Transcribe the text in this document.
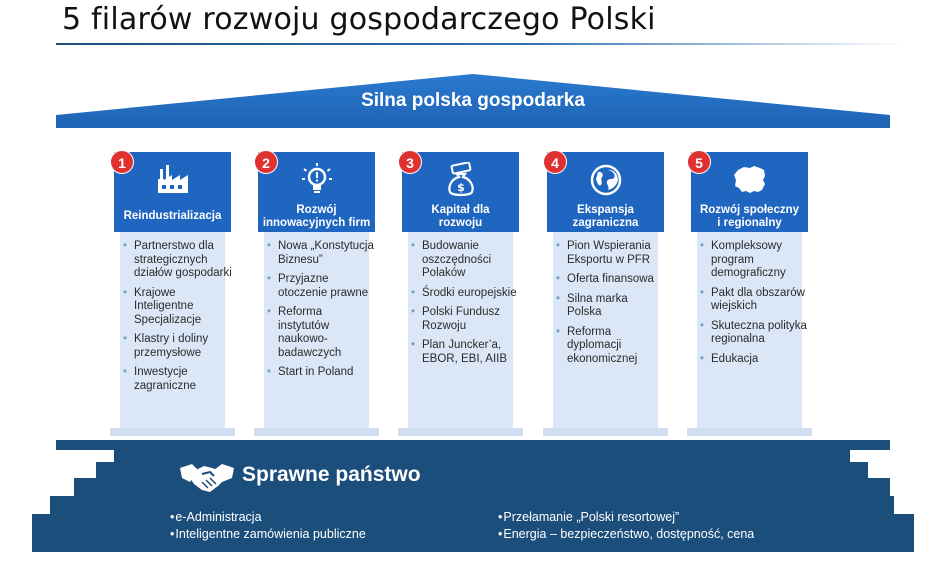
5 filarów rozwoju gospodarczego Polski
Silna polska gospodarka
Reindustrializacja
1
• Partnerstwo dla strategicznych działów gospodarki
• Krajowe Inteligentne Specjalizacje
• Klastry i doliny przemysłowe
• Inwestycje zagraniczne
Rozwój
innowacyjnych firm
2
• Nowa „Konstytucja Biznesu”
• Przyjazne otoczenie prawne
• Reforma instytutów naukowo-badawczych
• Start in Poland
$
Kapitał dla
rozwoju
3
• Budowanie oszczędności Polaków
• Środki europejskie
• Polski Fundusz Rozwoju
• Plan Juncker’a, EBOR, EBI, AIIB
Ekspansja
zagraniczna
4
• Pion Wspierania Eksportu w PFR
• Oferta finansowa
• Silna marka Polska
• Reforma dyplomacji ekonomicznej
Rozwój społeczny
i regionalny
5
• Kompleksowy program demograficzny
• Pakt dla obszarów wiejskich
• Skuteczna polityka regionalna
• Edukacja
Sprawne państwo
• e-Administracja
• Inteligentne zamówienia publiczne
• Przełamanie „Polski resortowej”
• Energia – bezpieczeństwo, dostępność, cena
